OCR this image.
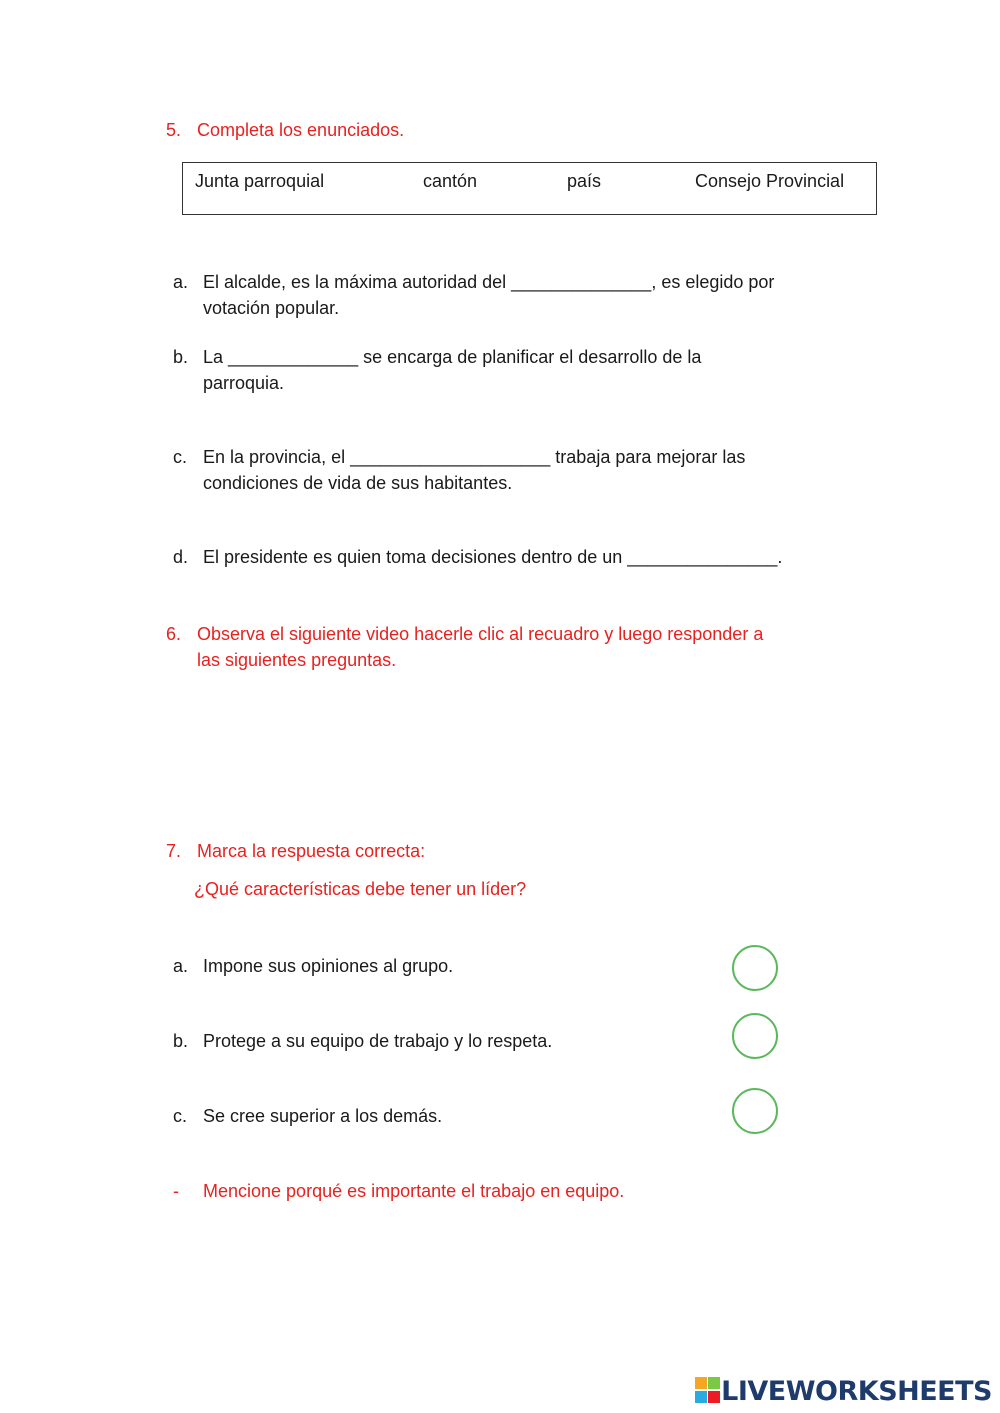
5. Completa los enunciados.
Junta parroquial	cantón	país	Consejo Provincial
a. El alcalde, es la máxima autoridad del ______________, es elegido por
votación popular.
b. La _____________ se encarga de planificar el desarrollo de la
parroquia.
c. En la provincia, el ____________________ trabaja para mejorar las
condiciones de vida de sus habitantes.
d. El presidente es quien toma decisiones dentro de un _______________.
6. Observa el siguiente video hacerle clic al recuadro y luego responder a
las siguientes preguntas.
7. Marca la respuesta correcta:
¿Qué características debe tener un líder?
a. Impone sus opiniones al grupo.
b. Protege a su equipo de trabajo y lo respeta.
c. Se cree superior a los demás.
- Mencione porqué es importante el trabajo en equipo.
LIVEWORKSHEETS
